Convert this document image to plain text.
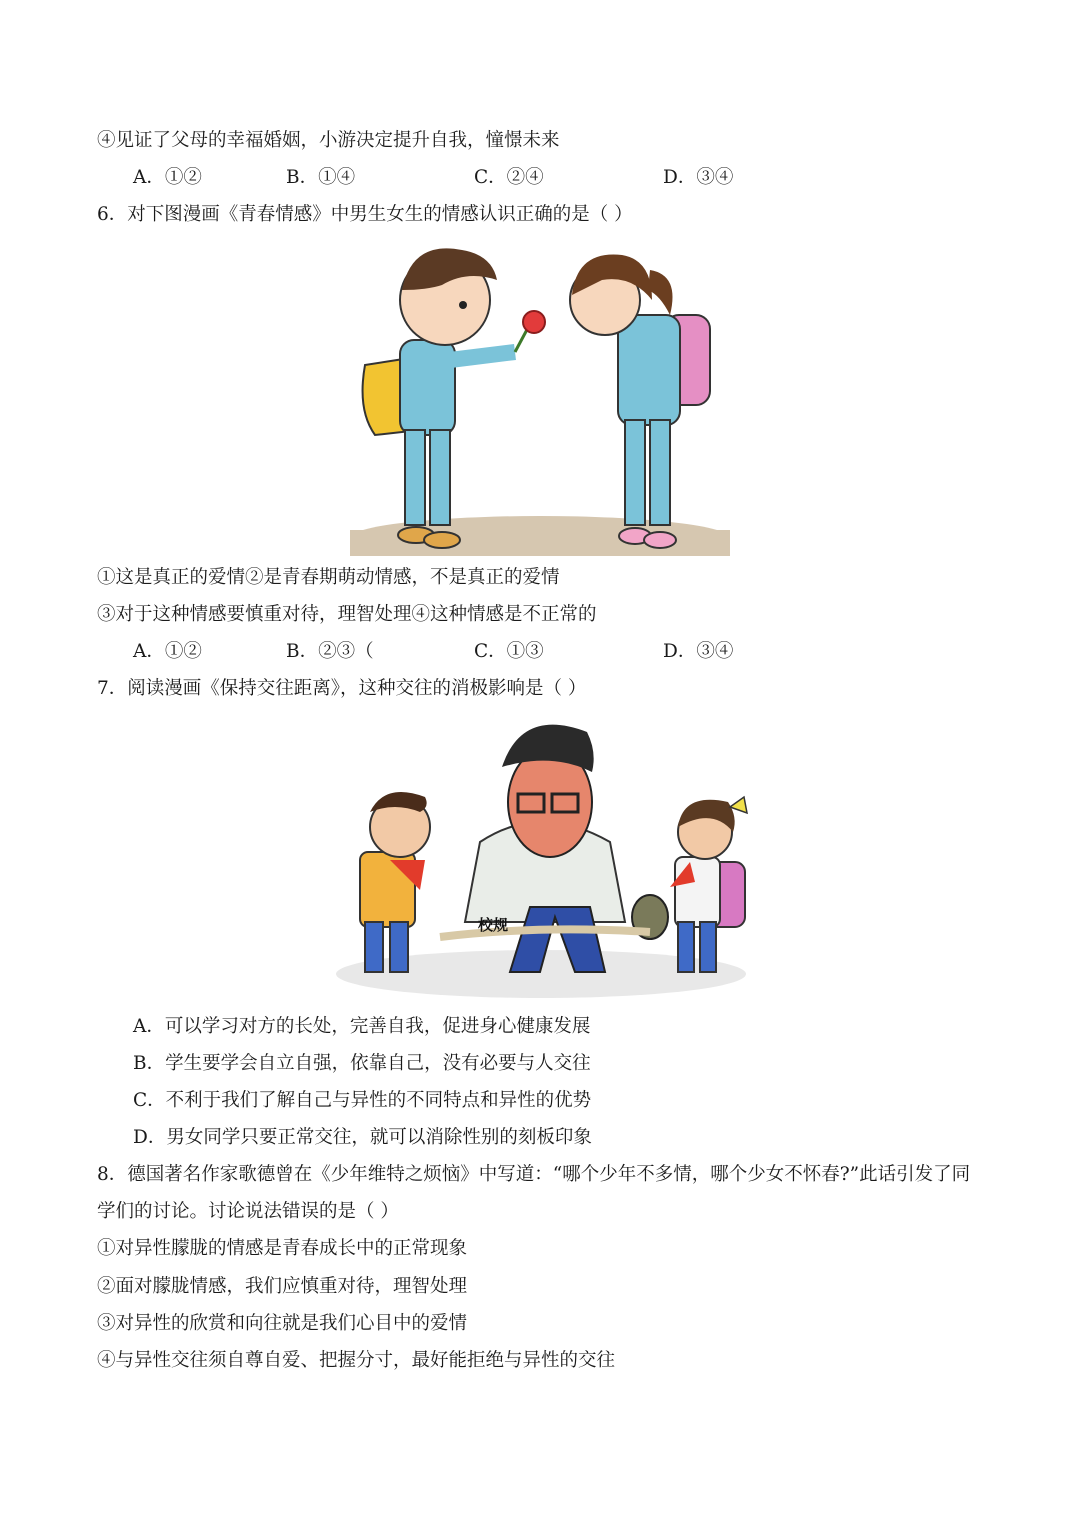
④见证了父母的幸福婚姻，小游决定提升自我，憧憬未来
A．①②	B．①④	C．②④	D．③④
6．对下图漫画《青春情感》中男生女生的情感认识正确的是（ ）
①这是真正的爱情②是青春期萌动情感，不是真正的爱情
③对于这种情感要慎重对待，理智处理④这种情感是不正常的
A．①②	B．②③（	C．①③	D．③④
7．阅读漫画《保持交往距离》，这种交往的消极影响是（ ）
校规
A．可以学习对方的长处，完善自我，促进身心健康发展
B．学生要学会自立自强，依靠自己，没有必要与人交往
C．不利于我们了解自己与异性的不同特点和异性的优势
D．男女同学只要正常交往，就可以消除性别的刻板印象
8．德国著名作家歌德曾在《少年维特之烦恼》中写道：“哪个少年不多情，哪个少女不怀春?”此话引发了同
学们的讨论。讨论说法错误的是（ ）
①对异性朦胧的情感是青春成长中的正常现象
②面对朦胧情感，我们应慎重对待，理智处理
③对异性的欣赏和向往就是我们心目中的爱情
④与异性交往须自尊自爱、把握分寸，最好能拒绝与异性的交往
